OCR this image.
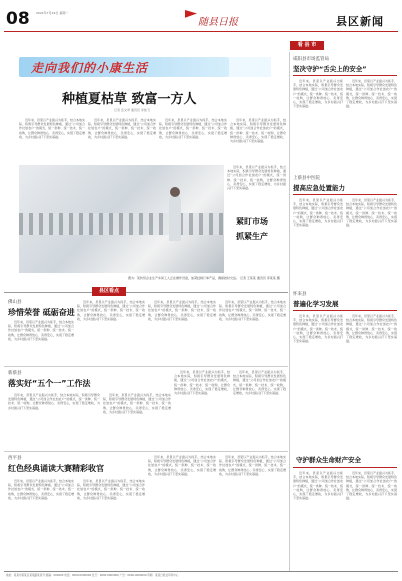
08 2021年7月19日 星期一
随县日报	县区新闻
走向我们的小康生活
种植夏枯草 致富一方人
记者 张文翠 通讯员 李俊飞

近年来，县里以产业振兴为抓手，结合本地实际，积极引导群众发展特色种植，通过“公司加合作社加农户”的模式，统一供种、统一技术、统一收购，让群众种得放心、卖得安心，实现了稳定增收，为乡村振兴打下坚实基础。

近年来，县里以产业振兴为抓手，结合本地实际，积极引导群众发展特色种植，通过“公司加合作社加农户”的模式，统一供种、统一技术、统一收购，让群众种得放心、卖得安心，实现了稳定增收，为乡村振兴打下坚实基础。

近年来，县里以产业振兴为抓手，结合本地实际，积极引导群众发展特色种植，通过“公司加合作社加农户”的模式，统一供种、统一技术、统一收购，让群众种得放心、卖得安心，实现了稳定增收，为乡村振兴打下坚实基础。

近年来，县里以产业振兴为抓手，结合本地实际，积极引导群众发展特色种植，通过“公司加合作社加农户”的模式，统一供种、统一技术、统一收购，让群众种得放心、卖得安心，实现了稳定增收，为乡村振兴打下坚实基础。

近年来，县里以产业振兴为抓手，结合本地实际，积极引导群众发展特色种植，通过“公司加合作社加农户”的模式，统一供种、统一技术、统一收购，让群众种得放心、卖得安心，实现了稳定增收，为乡村振兴打下坚实基础。

紧盯市场
抓紧生产
图为：某纺织企业生产车间工人正在操作设备，加紧赶制订单产品，确保按时交货。 记者 王某某 通讯员 李某某 摄
看 县 市
咸阳县市场监管局
坚决守护“舌尖上的安全”

近年来，县里以产业振兴为抓手，结合本地实际，积极引导群众发展特色种植，通过“公司加合作社加农户”的模式，统一供种、统一技术、统一收购，让群众种得放心、卖得安心，实现了稳定增收，为乡村振兴打下坚实基础。

近年来，县里以产业振兴为抓手，结合本地实际，积极引导群众发展特色种植，通过“公司加合作社加农户”的模式，统一供种、统一技术、统一收购，让群众种得放心、卖得安心，实现了稳定增收，为乡村振兴打下坚实基础。

上蔡县中医院
提高应急处置能力

近年来，县里以产业振兴为抓手，结合本地实际，积极引导群众发展特色种植，通过“公司加合作社加农户”的模式，统一供种、统一技术、统一收购，让群众种得放心、卖得安心，实现了稳定增收，为乡村振兴打下坚实基础。

近年来，县里以产业振兴为抓手，结合本地实际，积极引导群众发展特色种植，通过“公司加合作社加农户”的模式，统一供种、统一技术、统一收购，让群众种得放心、卖得安心，实现了稳定增收，为乡村振兴打下坚实基础。

怀来县
普遍化学习发展

近年来，县里以产业振兴为抓手，结合本地实际，积极引导群众发展特色种植，通过“公司加合作社加农户”的模式，统一供种、统一技术、统一收购，让群众种得放心、卖得安心，实现了稳定增收，为乡村振兴打下坚实基础。

近年来，县里以产业振兴为抓手，结合本地实际，积极引导群众发展特色种植，通过“公司加合作社加农户”的模式，统一供种、统一技术、统一收购，让群众种得放心、卖得安心，实现了稳定增收，为乡村振兴打下坚实基础。

守护群众生命财产安全

近年来，县里以产业振兴为抓手，结合本地实际，积极引导群众发展特色种植，通过“公司加合作社加农户”的模式，统一供种、统一技术、统一收购，让群众种得放心、卖得安心，实现了稳定增收，为乡村振兴打下坚实基础。

近年来，县里以产业振兴为抓手，结合本地实际，积极引导群众发展特色种植，通过“公司加合作社加农户”的模式，统一供种、统一技术、统一收购，让群众种得放心、卖得安心，实现了稳定增收，为乡村振兴打下坚实基础。

县区看点
佛山县
珍惜荣誉 砥砺奋进

近年来，县里以产业振兴为抓手，结合本地实际，积极引导群众发展特色种植，通过“公司加合作社加农户”的模式，统一供种、统一技术、统一收购，让群众种得放心、卖得安心，实现了稳定增收，为乡村振兴打下坚实基础。

近年来，县里以产业振兴为抓手，结合本地实际，积极引导群众发展特色种植，通过“公司加合作社加农户”的模式，统一供种、统一技术、统一收购，让群众种得放心、卖得安心，实现了稳定增收，为乡村振兴打下坚实基础。

近年来，县里以产业振兴为抓手，结合本地实际，积极引导群众发展特色种植，通过“公司加合作社加农户”的模式，统一供种、统一技术、统一收购，让群众种得放心、卖得安心，实现了稳定增收，为乡村振兴打下坚实基础。

近年来，县里以产业振兴为抓手，结合本地实际，积极引导群众发展特色种植，通过“公司加合作社加农户”的模式，统一供种、统一技术、统一收购，让群众种得放心、卖得安心，实现了稳定增收，为乡村振兴打下坚实基础。

新蔡县
落实好“五个一”工作法

近年来，县里以产业振兴为抓手，结合本地实际，积极引导群众发展特色种植，通过“公司加合作社加农户”的模式，统一供种、统一技术、统一收购，让群众种得放心、卖得安心，实现了稳定增收，为乡村振兴打下坚实基础。

近年来，县里以产业振兴为抓手，结合本地实际，积极引导群众发展特色种植，通过“公司加合作社加农户”的模式，统一供种、统一技术、统一收购，让群众种得放心、卖得安心，实现了稳定增收，为乡村振兴打下坚实基础。

近年来，县里以产业振兴为抓手，结合本地实际，积极引导群众发展特色种植，通过“公司加合作社加农户”的模式，统一供种、统一技术、统一收购，让群众种得放心、卖得安心，实现了稳定增收，为乡村振兴打下坚实基础。

近年来，县里以产业振兴为抓手，结合本地实际，积极引导群众发展特色种植，通过“公司加合作社加农户”的模式，统一供种、统一技术、统一收购，让群众种得放心、卖得安心，实现了稳定增收，为乡村振兴打下坚实基础。

西平县
红色经典诵读大赛精彩收官

近年来，县里以产业振兴为抓手，结合本地实际，积极引导群众发展特色种植，通过“公司加合作社加农户”的模式，统一供种、统一技术、统一收购，让群众种得放心、卖得安心，实现了稳定增收，为乡村振兴打下坚实基础。

近年来，县里以产业振兴为抓手，结合本地实际，积极引导群众发展特色种植，通过“公司加合作社加农户”的模式，统一供种、统一技术、统一收购，让群众种得放心、卖得安心，实现了稳定增收，为乡村振兴打下坚实基础。

近年来，县里以产业振兴为抓手，结合本地实际，积极引导群众发展特色种植，通过“公司加合作社加农户”的模式，统一供种、统一技术、统一收购，让群众种得放心、卖得安心，实现了稳定增收，为乡村振兴打下坚实基础。

近年来，县里以产业振兴为抓手，结合本地实际，积极引导群众发展特色种植，通过“公司加合作社加农户”的模式，统一供种、统一技术、统一收购，让群众种得放心、卖得安心，实现了稳定增收，为乡村振兴打下坚实基础。

地址：某某市某某区某某路某某号 邮编：000000 电话：0000-0000000 发行：0000-0000000 广告：0000-0000000 印刷：某某日报社印务中心
